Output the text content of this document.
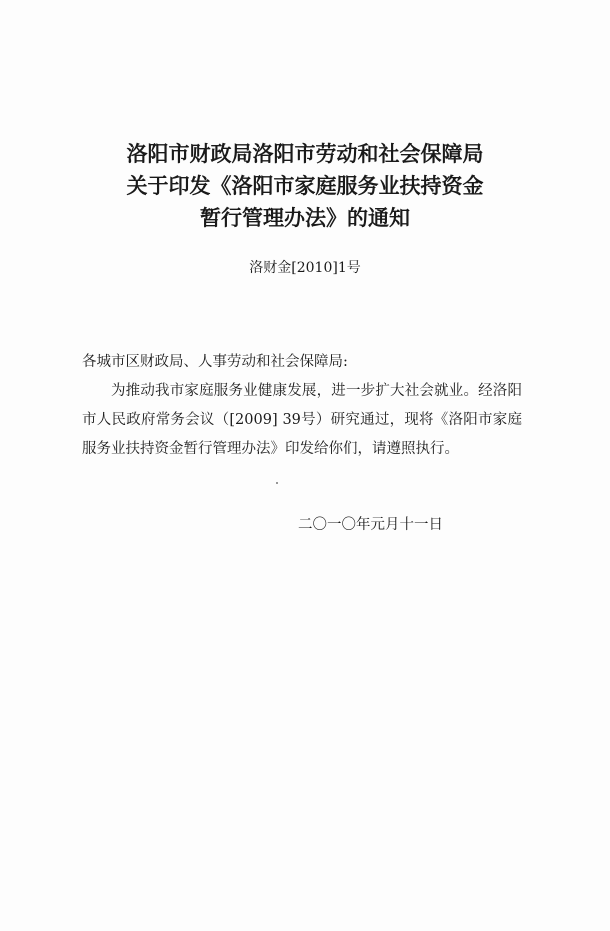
洛阳市财政局洛阳市劳动和社会保障局
关于印发《洛阳市家庭服务业扶持资金
暂行管理办法》的通知
洛财金[2010]1号
各城市区财政局、人事劳动和社会保障局:
为推动我市家庭服务业健康发展，进一步扩大社会就业。经洛阳市人民政府常务会议（[2009] 39号）研究通过，现将《洛阳市家庭服务业扶持资金暂行管理办法》印发给你们，请遵照执行。
二〇一〇年元月十一日
